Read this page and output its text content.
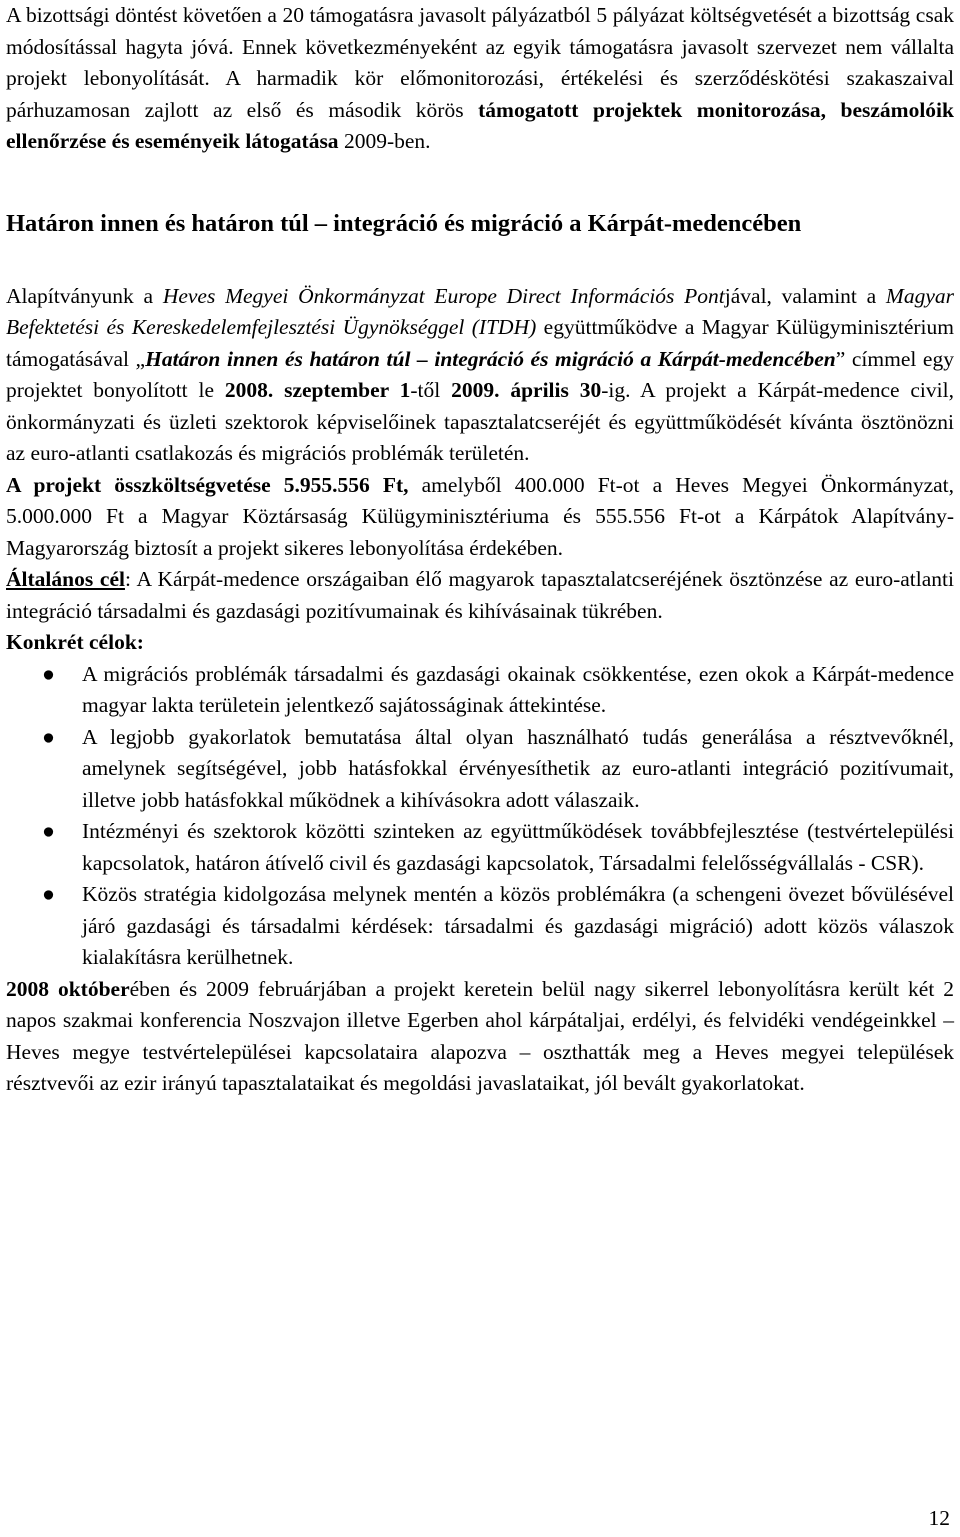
A bizottsági döntést követően a 20 támogatásra javasolt pályázatból 5 pályázat költségvetését a bizottság csak módosítással hagyta jóvá. Ennek következményeként az egyik támogatásra javasolt szervezet nem vállalta projekt lebonyolítását. A harmadik kör előmonitorozási, értékelési és szerződéskötési szakaszaival párhuzamosan zajlott az első és második körös támogatott projektek monitorozása, beszámolóik ellenőrzése és eseményeik látogatása 2009-ben.

Határon innen és határon túl – integráció és migráció a Kárpát-medencében

Alapítványunk a Heves Megyei Önkormányzat Europe Direct Információs Pontjával, valamint a Magyar Befektetési és Kereskedelemfejlesztési Ügynökséggel (ITDH) együttműködve a Magyar Külügyminisztérium támogatásával „Határon innen és határon túl – integráció és migráció a Kárpát-medencében” címmel egy projektet bonyolított le 2008. szeptember 1-től 2009. április 30-ig. A projekt a Kárpát-medence civil, önkormányzati és üzleti szektorok képviselőinek tapasztalatcseréjét és együttműködését kívánta ösztönözni az euro-atlanti csatlakozás és migrációs problémák területén.

A projekt összköltségvetése 5.955.556 Ft, amelyből 400.000 Ft-ot a Heves Megyei Önkormányzat, 5.000.000 Ft a Magyar Köztársaság Külügyminisztériuma és 555.556 Ft-ot a Kárpátok Alapítvány-Magyarország biztosít a projekt sikeres lebonyolítása érdekében.

Általános cél: A Kárpát-medence országaiban élő magyarok tapasztalatcseréjének ösztönzése az euro-atlanti integráció társadalmi és gazdasági pozitívumainak és kihívásainak tükrében.

Konkrét célok:

● A migrációs problémák társadalmi és gazdasági okainak csökkentése, ezen okok a Kárpát-medence magyar lakta területein jelentkező sajátosságinak áttekintése.
● A legjobb gyakorlatok bemutatása által olyan használható tudás generálása a résztvevőknél, amelynek segítségével, jobb hatásfokkal érvényesíthetik az euro-atlanti integráció pozitívumait, illetve jobb hatásfokkal működnek a kihívásokra adott válaszaik.
● Intézményi és szektorok közötti szinteken az együttműködések továbbfejlesztése (testvértelepülési kapcsolatok, határon átívelő civil és gazdasági kapcsolatok, Társadalmi felelősségvállalás - CSR).
● Közös stratégia kidolgozása melynek mentén a közös problémákra (a schengeni övezet bővülésével járó gazdasági és társadalmi kérdések: társadalmi és gazdasági migráció) adott közös válaszok kialakításra kerülhetnek.

2008 októberében és 2009 februárjában a projekt keretein belül nagy sikerrel lebonyolításra került két 2 napos szakmai konferencia Noszvajon illetve Egerben ahol kárpátaljai, erdélyi, és felvidéki vendégeinkkel – Heves megye testvértelepülései kapcsolataira alapozva – oszthatták meg a Heves megyei települések résztvevői az ezir irányú tapasztalataikat és megoldási javaslataikat, jól bevált gyakorlatokat.

12
